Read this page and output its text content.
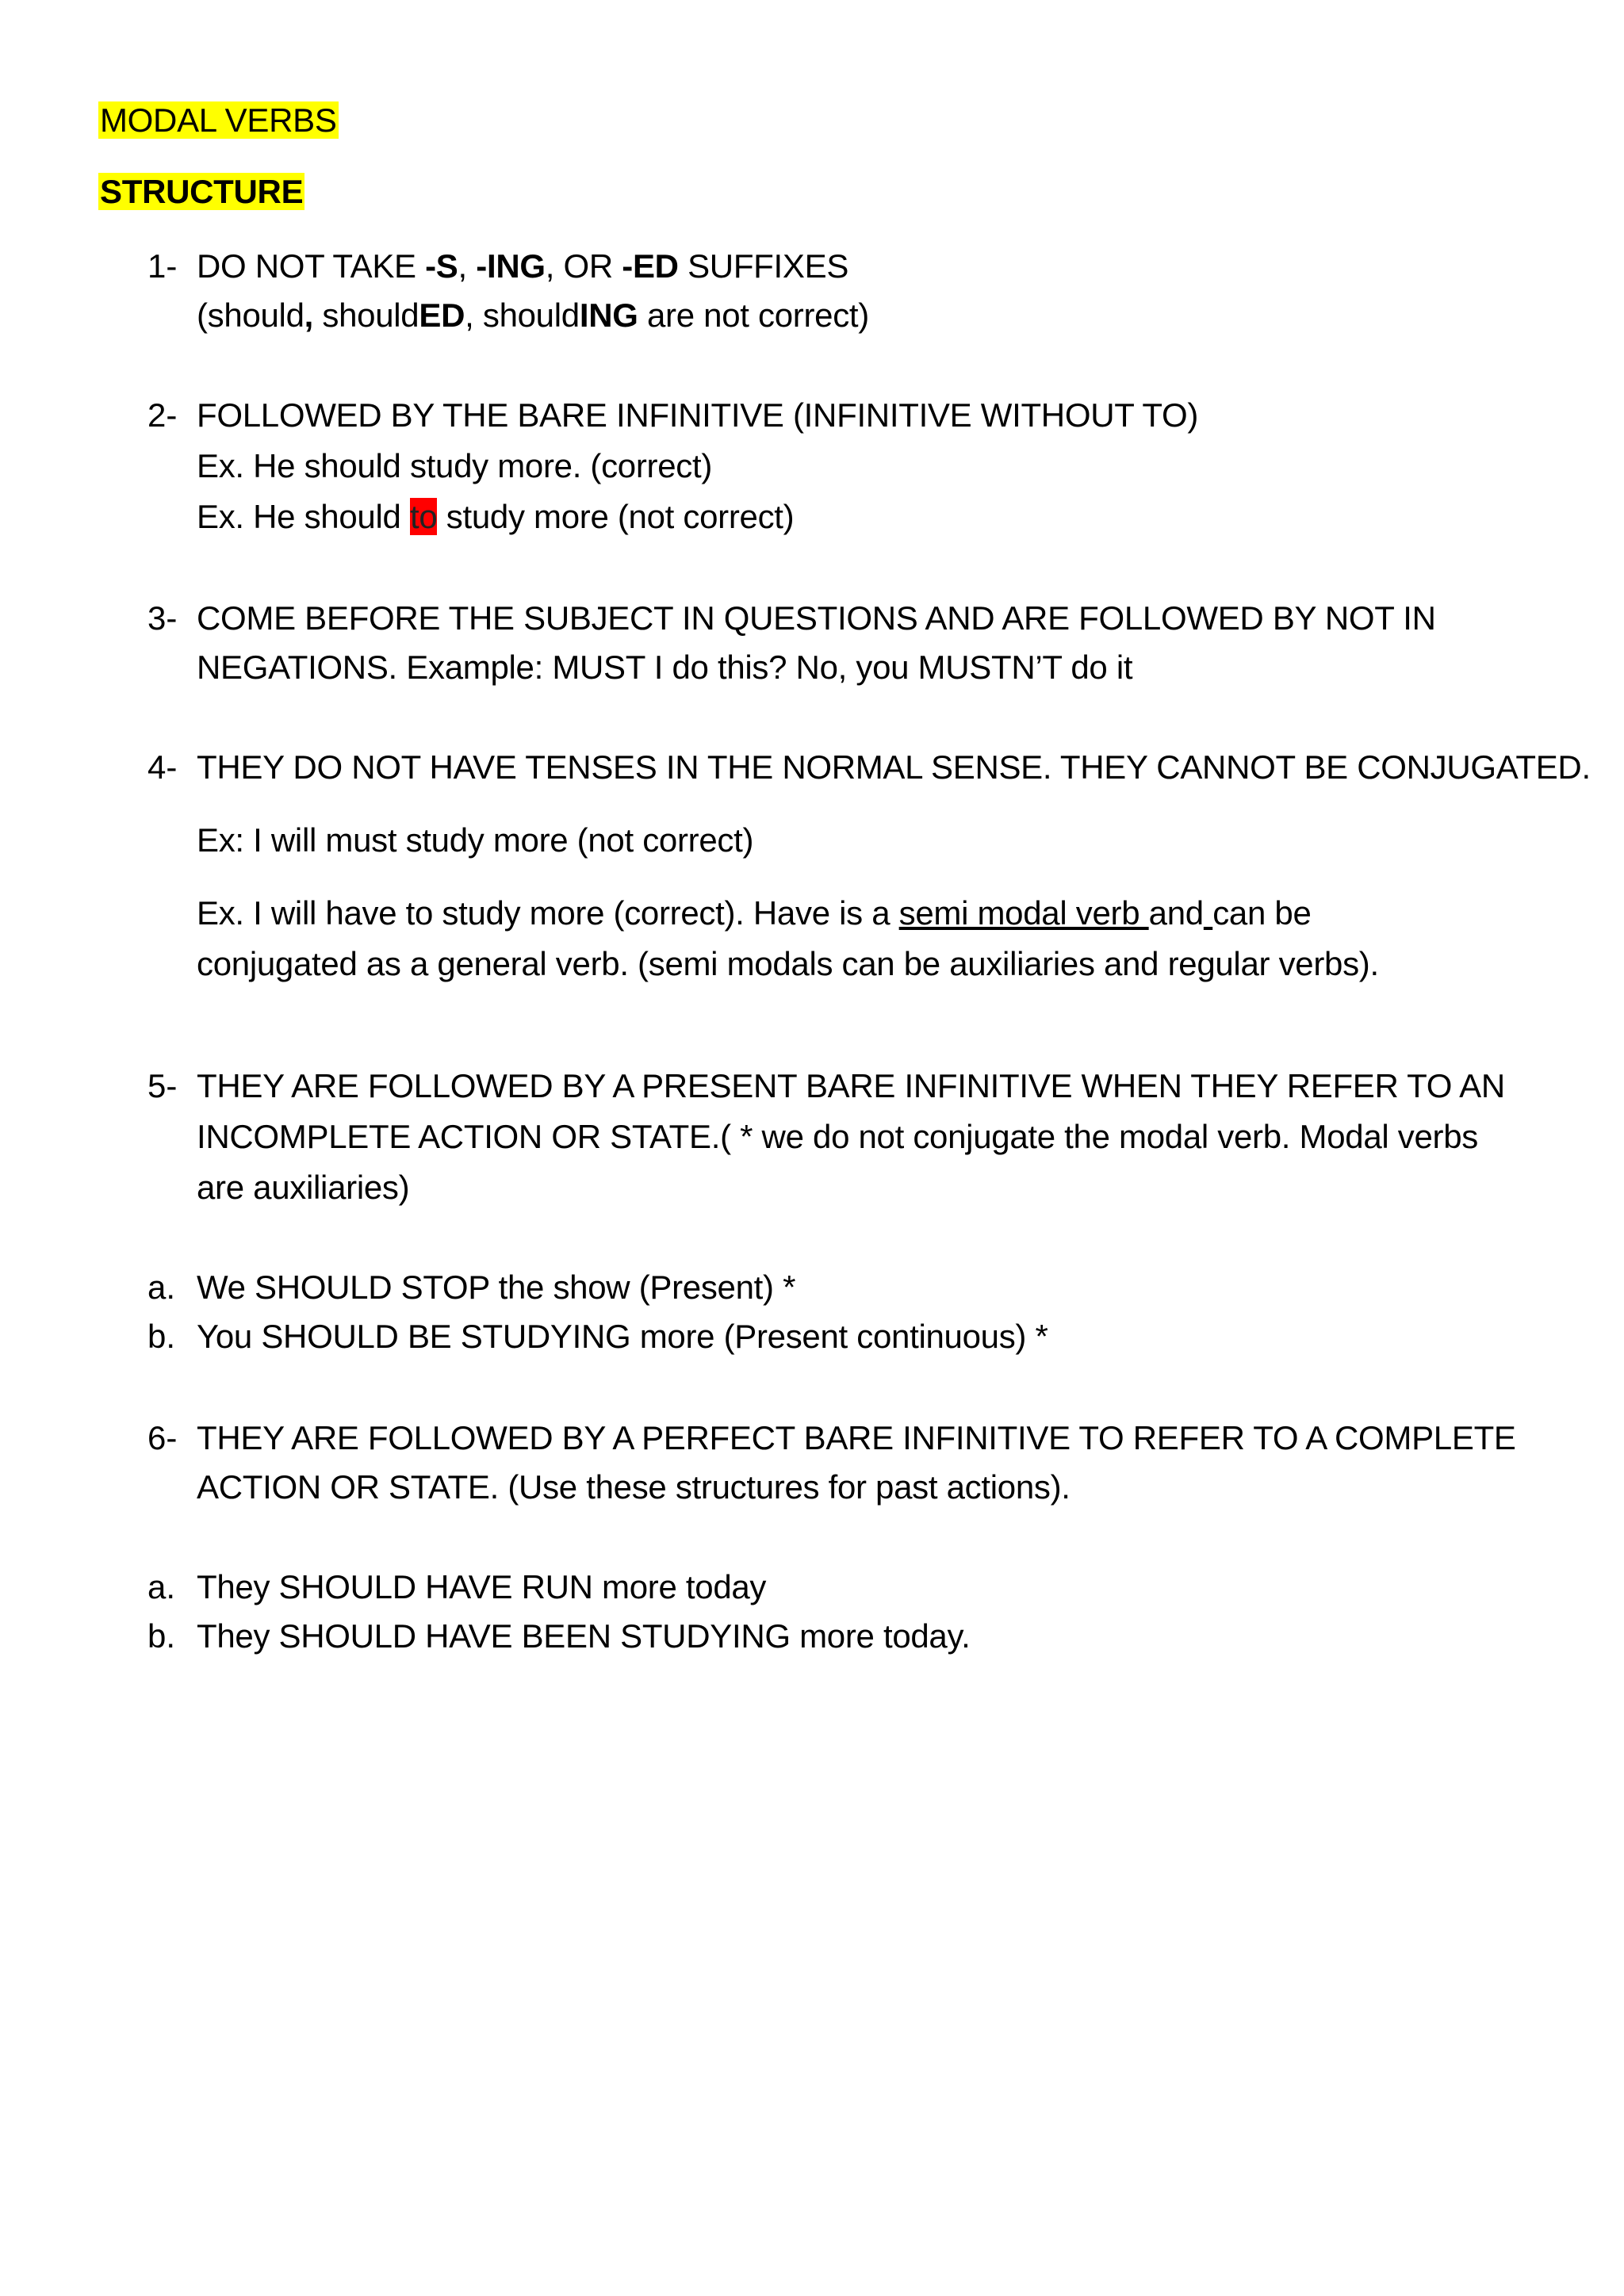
MODAL VERBS
STRUCTURE
1- DO NOT TAKE -S, -ING, OR -ED SUFFIXES
(should, shouldED, shouldING are not correct)
2- FOLLOWED BY THE BARE INFINITIVE (INFINITIVE WITHOUT TO)
Ex. He should study more. (correct)
Ex. He should to study more (not correct)
3- COME BEFORE THE SUBJECT IN QUESTIONS AND ARE FOLLOWED BY NOT IN
NEGATIONS. Example: MUST I do this? No, you MUSTN’T do it
4- THEY DO NOT HAVE TENSES IN THE NORMAL SENSE. THEY CANNOT BE CONJUGATED.
Ex: I will must study more (not correct)
Ex. I will have to study more (correct). Have is a semi modal verb and can be
conjugated as a general verb. (semi modals can be auxiliaries and regular verbs).
5- THEY ARE FOLLOWED BY A PRESENT BARE INFINITIVE WHEN THEY REFER TO AN
INCOMPLETE ACTION OR STATE.( * we do not conjugate the modal verb. Modal verbs
are auxiliaries)
a. We SHOULD STOP the show (Present) *
b. You SHOULD BE STUDYING more (Present continuous) *
6- THEY ARE FOLLOWED BY A PERFECT BARE INFINITIVE TO REFER TO A COMPLETE
ACTION OR STATE. (Use these structures for past actions).
a. They SHOULD HAVE RUN more today
b. They SHOULD HAVE BEEN STUDYING more today.
